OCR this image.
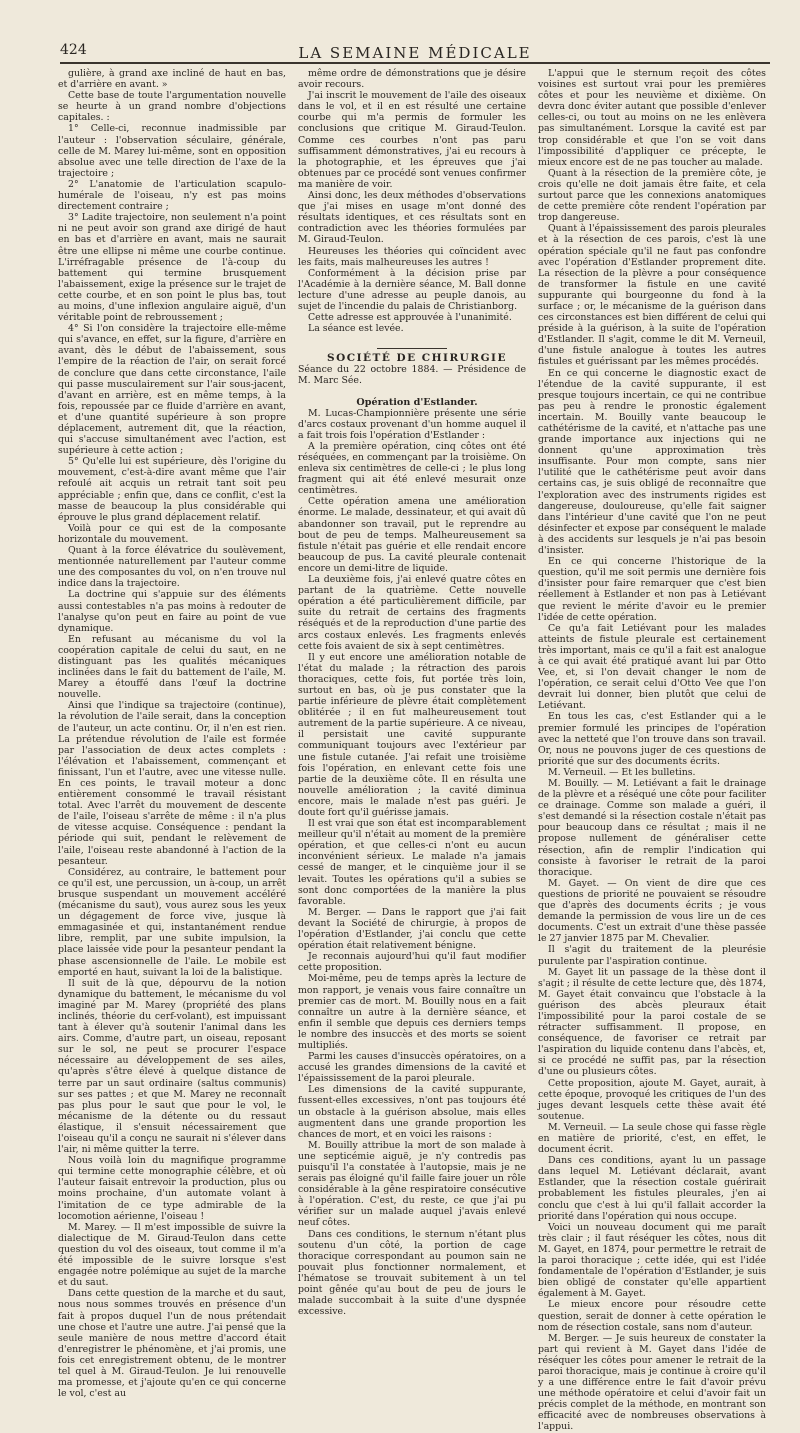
424	LA SEMAINE MÉDICALE

gulière, à grand axe incliné de haut en bas, et d'arrière en avant. »

Cette base de toute l'argumentation nouvelle se heurte à un grand nombre d'objections capitales. :

1° Celle-ci, reconnue inadmissible par l'auteur : l'observation séculaire, générale, celle de M. Marey lui-même, sont en opposition absolue avec une telle direction de l'axe de la trajectoire ;

2° L'anatomie de l'articulation scapulo-humérale de l'oiseau, n'y est pas moins directement contraire ;

3° Ladite trajectoire, non seulement n'a point ni ne peut avoir son grand axe dirigé de haut en bas et d'arrière en avant, mais ne saurait être une ellipse ni même une courbe continue. L'irréfragable présence de l'à-coup du battement qui termine brusquement l'abaissement, exige la présence sur le trajet de cette courbe, et en son point le plus bas, tout au moins, d'une inflexion angulaire aiguë, d'un véritable point de rebroussement ;

4° Si l'on considère la trajectoire elle-même qui s'avance, en effet, sur la figure, d'arrière en avant, dès le début de l'abaissement, sous l'empire de la réaction de l'air, on serait forcé de conclure que dans cette circonstance, l'aile qui passe musculairement sur l'air sous-jacent, d'avant en arrière, est en même temps, à la fois, repoussée par ce fluide d'arrière en avant, et d'une quantité supérieure à son propre déplacement, autrement dit, que la réaction, qui s'accuse simultanément avec l'action, est supérieure à cette action ;

5° Qu'elle lui est supérieure, dès l'origine du mouvement, c'est-à-dire avant même que l'air refoulé ait acquis un retrait tant soit peu appréciable ; enfin que, dans ce conflit, c'est la masse de beaucoup la plus considérable qui éprouve le plus grand déplacement relatif.

Voilà pour ce qui est de la composante horizontale du mouvement.

Quant à la force élévatrice du soulèvement, mentionnée naturellement par l'auteur comme une des composantes du vol, on n'en trouve nul indice dans la trajectoire.

La doctrine qui s'appuie sur des éléments aussi contestables n'a pas moins à redouter de l'analyse qu'on peut en faire au point de vue dynamique.

En refusant au mécanisme du vol la coopération capitale de celui du saut, en ne distinguant pas les qualités mécaniques inclinées dans le fait du battement de l'aile, M. Marey a étouffé dans l'œuf la doctrine nouvelle.

Ainsi que l'indique sa trajectoire (continue), la révolution de l'aile serait, dans la conception de l'auteur, un acte continu. Or, il n'en est rien. La prétendue révolution de l'aile est formée par l'association de deux actes complets : l'élévation et l'abaissement, commençant et finissant, l'un et l'autre, avec une vitesse nulle. En ces points, le travail moteur a donc entièrement consommé le travail résistant total. Avec l'arrêt du mouvement de descente de l'aile, l'oiseau s'arrête de même : il n'a plus de vitesse acquise. Conséquence : pendant la période qui suit, pendant le relèvement de l'aile, l'oiseau reste abandonné à l'action de la pesanteur.

Considérez, au contraire, le battement pour ce qu'il est, une percussion, un à-coup, un arrêt brusque suspendant un mouvement accéléré (mécanisme du saut), vous aurez sous les yeux un dégagement de force vive, jusque là emmagasinée et qui, instantanément rendue libre, remplit, par une subite impulsion, la place laissée vide pour la pesanteur pendant la phase ascensionnelle de l'aile. Le mobile est emporté en haut, suivant la loi de la balistique.

Il suit de là que, dépourvu de la notion dynamique du battement, le mécanisme du vol imaginé par M. Marey (propriété des plans inclinés, théorie du cerf-volant), est impuissant tant à élever qu'à soutenir l'animal dans les airs. Comme, d'autre part, un oiseau, reposant sur le sol, ne peut se procurer l'espace nécessaire au développement de ses ailes, qu'après s'être élevé à quelque distance de terre par un saut ordinaire (saltus communis) sur ses pattes ; et que M. Marey ne reconnaît pas plus pour le saut que pour le vol, le mécanisme de la détente ou du ressaut élastique, il s'ensuit nécessairement que l'oiseau qu'il a conçu ne saurait ni s'élever dans l'air, ni même quitter la terre.

Nous voilà loin du magnifique programme qui termine cette monographie célèbre, et où l'auteur faisait entrevoir la production, plus ou moins prochaine, d'un automate volant à l'imitation de ce type admirable de la locomotion aérienne, l'oiseau !

M. Marey. — Il m'est impossible de suivre la dialectique de M. Giraud-Teulon dans cette question du vol des oiseaux, tout comme il m'a été impossible de le suivre lorsque s'est engagée notre polémique au sujet de la marche et du saut.

Dans cette question de la marche et du saut, nous nous sommes trouvés en présence d'un fait à propos duquel l'un de nous prétendait une chose et l'autre une autre. J'ai pensé que la seule manière de nous mettre d'accord était d'enregistrer le phénomène, et j'ai promis, une fois cet enregistrement obtenu, de le montrer tel quel à M. Giraud-Teulon. Je lui renouvelle ma promesse, et j'ajoute qu'en ce qui concerne le vol, c'est au

même ordre de démonstrations que je désire avoir recours.

J'ai inscrit le mouvement de l'aile des oiseaux dans le vol, et il en est résulté une certaine courbe qui m'a permis de formuler les conclusions que critique M. Giraud-Teulon. Comme ces courbes n'ont pas paru suffisamment démonstratives, j'ai eu recours à la photographie, et les épreuves que j'ai obtenues par ce procédé sont venues confirmer ma manière de voir.

Ainsi donc, les deux méthodes d'observations que j'ai mises en usage m'ont donné des résultats identiques, et ces résultats sont en contradiction avec les théories formulées par M. Giraud-Teulon.

Heureuses les théories qui coïncident avec les faits, mais malheureuses les autres !

Conformément à la décision prise par l'Académie à la dernière séance, M. Ball donne lecture d'une adresse au peuple danois, au sujet de l'incendie du palais de Christianborg.

Cette adresse est approuvée à l'unanimité.

La séance est levée.

SOCIÉTÉ DE CHIRURGIE

Séance du 22 octobre 1884. — Présidence de M. Marc Sée.

Opération d'Estlander.

M. Lucas-Championnière présente une série d'arcs costaux provenant d'un homme auquel il a fait trois fois l'opération d'Estlander :

A la première opération, cinq côtes ont été réséquées, en commençant par la troisième. On enleva six centimètres de celle-ci ; le plus long fragment qui ait été enlevé mesurait onze centimètres.

Cette opération amena une amélioration énorme. Le malade, dessinateur, et qui avait dû abandonner son travail, put le reprendre au bout de peu de temps. Malheureusement sa fistule n'était pas guérie et elle rendait encore beaucoup de pus. La cavité pleurale contenait encore un demi-litre de liquide.

La deuxième fois, j'ai enlevé quatre côtes en partant de la quatrième. Cette nouvelle opération a été particulièrement difficile, par suite du retrait de certains des fragments réséqués et de la reproduction d'une partie des arcs costaux enlevés. Les fragments enlevés cette fois avaient de six à sept centimètres.

Il y eut encore une amélioration notable de l'état du malade ; la rétraction des parois thoraciques, cette fois, fut portée très loin, surtout en bas, où je pus constater que la partie inférieure de plèvre était complètement oblitérée ; il en fut malheureusement tout autrement de la partie supérieure. A ce niveau, il persistait une cavité suppurante communiquant toujours avec l'extérieur par une fistule cutanée. J'ai refait une troisième fois l'opération, en enlevant cette fois une partie de la deuxième côte. Il en résulta une nouvelle amélioration ; la cavité diminua encore, mais le malade n'est pas guéri. Je doute fort qu'il guérisse jamais.

Il est vrai que son état est incomparablement meilleur qu'il n'était au moment de la première opération, et que celles-ci n'ont eu aucun inconvénient sérieux. Le malade n'a jamais cessé de manger, et le cinquième jour il se levait. Toutes les opérations qu'il a subies se sont donc comportées de la manière la plus favorable.

M. Berger. — Dans le rapport que j'ai fait devant la Société de chirurgie, à propos de l'opération d'Estlander, j'ai conclu que cette opération était relativement bénigne.

Je reconnais aujourd'hui qu'il faut modifier cette proposition.

Moi-même, peu de temps après la lecture de mon rapport, je venais vous faire connaître un premier cas de mort. M. Bouilly nous en a fait connaître un autre à la dernière séance, et enfin il semble que depuis ces derniers temps le nombre des insuccès et des morts se soient multipliés.

Parmi les causes d'insuccès opératoires, on a accusé les grandes dimensions de la cavité et l'épaississement de la paroi pleurale.

Les dimensions de la cavité suppurante, fussent-elles excessives, n'ont pas toujours été un obstacle à la guérison absolue, mais elles augmentent dans une grande proportion les chances de mort, et en voici les raisons :

M. Bouilly attribue la mort de son malade à une septicémie aiguë, je n'y contredis pas puisqu'il l'a constatée à l'autopsie, mais je ne serais pas éloigné qu'il faille faire jouer un rôle considérable à la gêne respiratoire consécutive à l'opération. C'est, du reste, ce que j'ai pu vérifier sur un malade auquel j'avais enlevé neuf côtes.

Dans ces conditions, le sternum n'étant plus soutenu d'un côté, la portion de cage thoracique correspondant au poumon sain ne pouvait plus fonctionner normalement, et l'hématose se trouvait subitement à un tel point gênée qu'au bout de peu de jours le malade succombait à la suite d'une dyspnée excessive.

L'appui que le sternum reçoit des côtes voisines est surtout vrai pour les premières côtes et pour les neuvième et dixième. On devra donc éviter autant que possible d'enlever celles-ci, ou tout au moins on ne les enlèvera pas simultanément. Lorsque la cavité est par trop considérable et que l'on se voit dans l'impossibilité d'appliquer ce précepte, le mieux encore est de ne pas toucher au malade.

Quant à la résection de la première côte, je crois qu'elle ne doit jamais être faite, et cela surtout parce que les connexions anatomiques de cette première côte rendent l'opération par trop dangereuse.

Quant à l'épaississement des parois pleurales et à la résection de ces parois, c'est là une opération spéciale qu'il ne faut pas confondre avec l'opération d'Estlander proprement dite. La résection de la plèvre a pour conséquence de transformer la fistule en une cavité suppurante qui bourgeonne du fond à la surface ; or, le mécanisme de la guérison dans ces circonstances est bien différent de celui qui préside à la guérison, à la suite de l'opération d'Estlander. Il s'agit, comme le dit M. Verneuil, d'une fistule analogue à toutes les autres fistules et guérissant par les mêmes procédés.

En ce qui concerne le diagnostic exact de l'étendue de la cavité suppurante, il est presque toujours incertain, ce qui ne contribue pas peu à rendre le pronostic également incertain. M. Bouilly vante beaucoup le cathétérisme de la cavité, et n'attache pas une grande importance aux injections qui ne donnent qu'une approximation très insuffisante. Pour mon compte, sans nier l'utilité que le cathétérisme peut avoir dans certains cas, je suis obligé de reconnaître que l'exploration avec des instruments rigides est dangereuse, douloureuse, qu'elle fait saigner dans l'intérieur d'une cavité que l'on ne peut désinfecter et expose par conséquent le malade à des accidents sur lesquels je n'ai pas besoin d'insister.

En ce qui concerne l'historique de la question, qu'il me soit permis une dernière fois d'insister pour faire remarquer que c'est bien réellement à Estlander et non pas à Letiévant que revient le mérite d'avoir eu le premier l'idée de cette opération.

Ce qu'a fait Letiévant pour les malades atteints de fistule pleurale est certainement très important, mais ce qu'il a fait est analogue à ce qui avait été pratiqué avant lui par Otto Vee, et, si l'on devait changer le nom de l'opération, ce serait celui d'Otto Vee que l'on devrait lui donner, bien plutôt que celui de Letiévant.

En tous les cas, c'est Estlander qui a le premier formulé les principes de l'opération avec la netteté que l'on trouve dans son travail. Or, nous ne pouvons juger de ces questions de priorité que sur des documents écrits.

M. Verneuil. — Et les bulletins.

M. Bouilly. — M. Letiévant a fait le drainage de la plèvre et a réséqué une côte pour faciliter ce drainage. Comme son malade a guéri, il s'est demandé si la résection costale n'était pas pour beaucoup dans ce résultat ; mais il ne propose nullement de généraliser cette résection, afin de remplir l'indication qui consiste à favoriser le retrait de la paroi thoracique.

M. Gayet. — On vient de dire que ces questions de priorité ne pouvaient se résoudre que d'après des documents écrits ; je vous demande la permission de vous lire un de ces documents. C'est un extrait d'une thèse passée le 27 janvier 1875 par M. Chevalier.

Il s'agit du traitement de la pleurésie purulente par l'aspiration continue.

M. Gayet lit un passage de la thèse dont il s'agit ; il résulte de cette lecture que, dès 1874, M. Gayet était convaincu que l'obstacle à la guérison des abcès pleuraux était l'impossibilité pour la paroi costale de se rétracter suffisamment. Il propose, en conséquence, de favoriser ce retrait par l'aspiration du liquide contenu dans l'abcès, et, si ce procédé ne suffit pas, par la résection d'une ou plusieurs côtes.

Cette proposition, ajoute M. Gayet, aurait, à cette époque, provoqué les critiques de l'un des juges devant lesquels cette thèse avait été soutenue.

M. Verneuil. — La seule chose qui fasse règle en matière de priorité, c'est, en effet, le document écrit.

Dans ces conditions, ayant lu un passage dans lequel M. Letiévant déclarait, avant Estlander, que la résection costale guérirait probablement les fistules pleurales, j'en ai conclu que c'est à lui qu'il fallait accorder la priorité dans l'opération qui nous occupe.

Voici un nouveau document qui me paraît très clair ; il faut réséquer les côtes, nous dit M. Gayet, en 1874, pour permettre le retrait de la paroi thoracique ; cette idée, qui est l'idée fondamentale de l'opération d'Estlander, je suis bien obligé de constater qu'elle appartient également à M. Gayet.

Le mieux encore pour résoudre cette question, serait de donner à cette opération le nom de résection costale, sans nom d'auteur.

M. Berger. — Je suis heureux de constater la part qui revient à M. Gayet dans l'idée de réséquer les côtes pour amener le retrait de la paroi thoracique, mais je continue à croire qu'il y a une différence entre le fait d'avoir prévu une méthode opératoire et celui d'avoir fait un précis complet de la méthode, en montrant son efficacité avec de nombreuses observations à l'appui.
